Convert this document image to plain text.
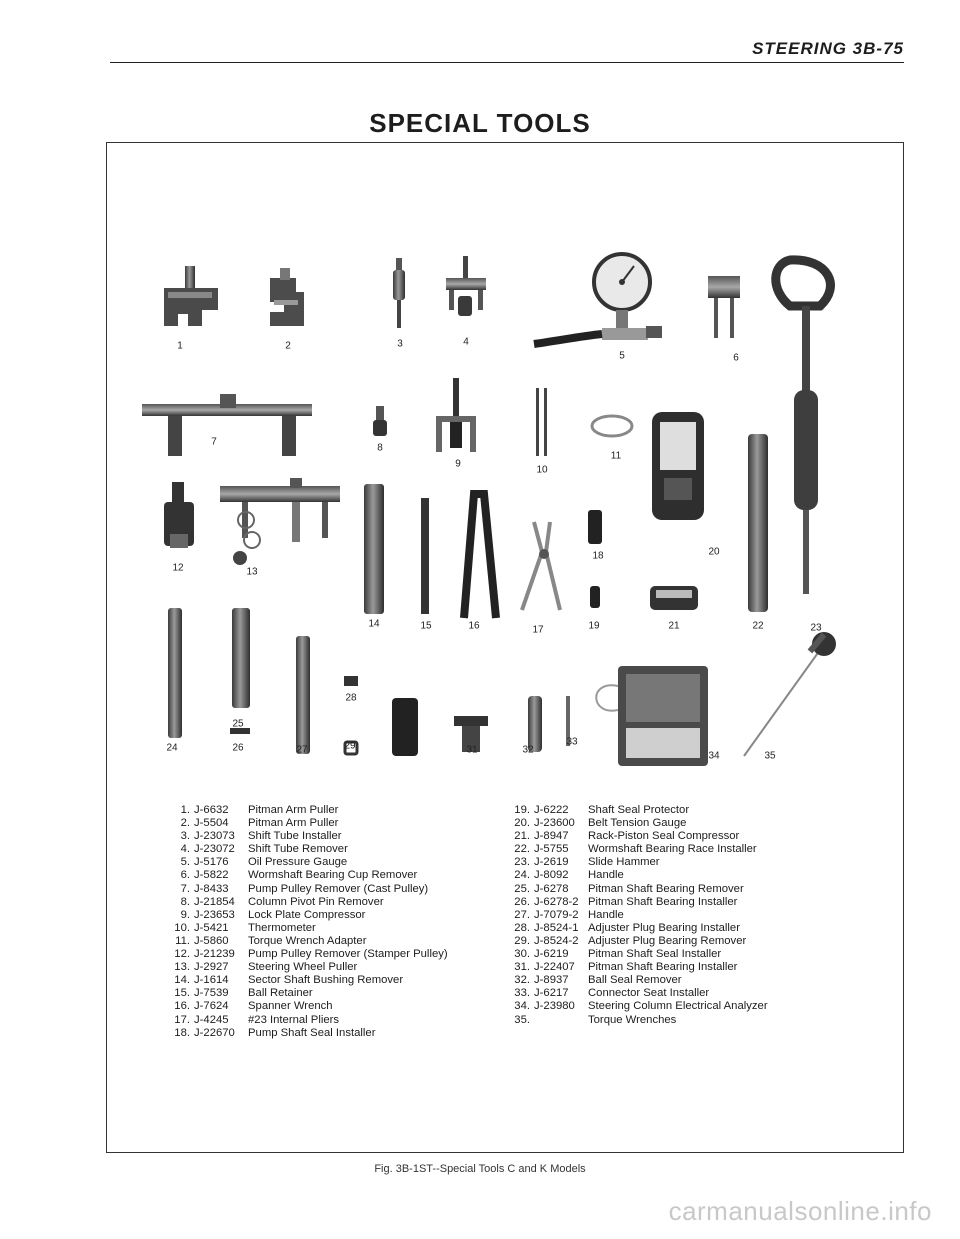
STEERING 3B-75
SPECIAL TOOLS
1	2	3	4
5	6
7
8
9
10
11
12	13
14	15	16	17
18
19
20
21	22	23
24
25
26	27
28
29	30	31	32
33
34	35
1. J-6632	Pitman Arm Puller
2. J-5504	Pitman Arm Puller
3. J-23073	Shift Tube Installer
4. J-23072	Shift Tube Remover
5. J-5176	Oil Pressure Gauge
6. J-5822	Wormshaft Bearing Cup Remover
7. J-8433	Pump Pulley Remover (Cast Pulley)
8. J-21854	Column Pivot Pin Remover
9. J-23653	Lock Plate Compressor
10. J-5421	Thermometer
11. J-5860	Torque Wrench Adapter
12. J-21239	Pump Pulley Remover (Stamper Pulley)
13. J-2927	Steering Wheel Puller
14. J-1614	Sector Shaft Bushing Remover
15. J-7539	Ball Retainer
16. J-7624	Spanner Wrench
17. J-4245	#23 Internal Pliers
18. J-22670	Pump Shaft Seal Installer
19. J-6222	Shaft Seal Protector
20. J-23600	Belt Tension Gauge
21. J-8947	Rack-Piston Seal Compressor
22. J-5755	Wormshaft Bearing Race Installer
23. J-2619	Slide Hammer
24. J-8092	Handle
25. J-6278	Pitman Shaft Bearing Remover
26. J-6278-2 Pitman Shaft Bearing Installer
27. J-7079-2 Handle
28. J-8524-1 Adjuster Plug Bearing Installer
29. J-8524-2 Adjuster Plug Bearing Remover
30. J-6219	Pitman Shaft Seal Installer
31. J-22407	Pitman Shaft Bearing Installer
32. J-8937	Ball Seal Remover
33. J-6217	Connector Seat Installer
34. J-23980	Steering Column Electrical Analyzer
35.	Torque Wrenches
Fig. 3B-1ST--Special Tools C and K Models
carmanualsonline.info
